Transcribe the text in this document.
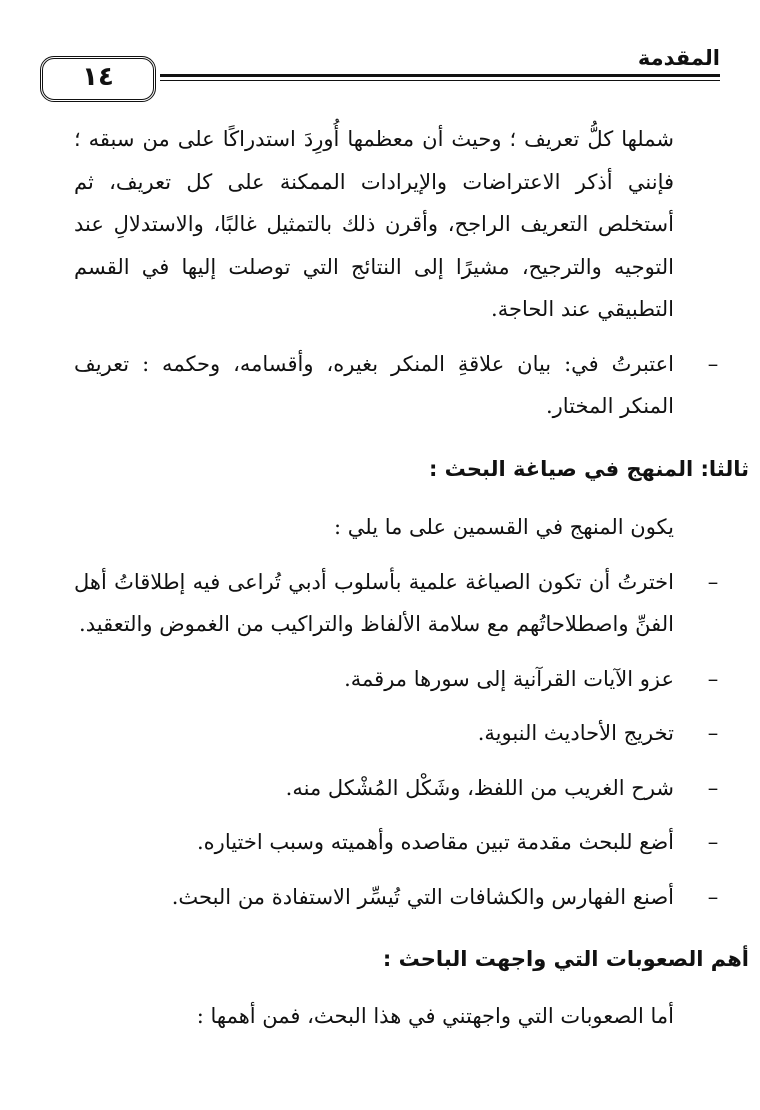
المقدمة
١٤

شملها كلُّ تعريف ؛ وحيث أن معظمها أُورِدَ استدراكًا على من سبقه ؛ فإنني أذكر الاعتراضات والإيرادات الممكنة على كل تعريف، ثم أستخلص التعريف الراجح، وأقرن ذلك بالتمثيل غالبًا، والاستدلالِ عند التوجيه والترجيح، مشيرًا إلى النتائج التي توصلت إليها في القسم التطبيقي عند الحاجة.

–
اعتبرتُ في: بيان علاقةِ المنكر بغيره، وأقسامه، وحكمه : تعريف المنكر المختار.

ثالثا: المنهج في صياغة البحث :

يكون المنهج في القسمين على ما يلي :

–
اخترتُ أن تكون الصياغة علمية بأسلوب أدبي تُراعى فيه إطلاقاتُ أهل الفنِّ واصطلاحاتُهم مع سلامة الألفاظ والتراكيب من الغموض والتعقيد.
–
عزو الآيات القرآنية إلى سورها مرقمة.
–
تخريج الأحاديث النبوية.
–
شرح الغريب من اللفظ، وشَكْل المُشْكل منه.
–
أضع للبحث مقدمة تبين مقاصده وأهميته وسبب اختياره.
–
أصنع الفهارس والكشافات التي تُيسِّر الاستفادة من البحث.

أهم الصعوبات التي واجهت الباحث :

أما الصعوبات التي واجهتني في هذا البحث، فمن أهمها :
